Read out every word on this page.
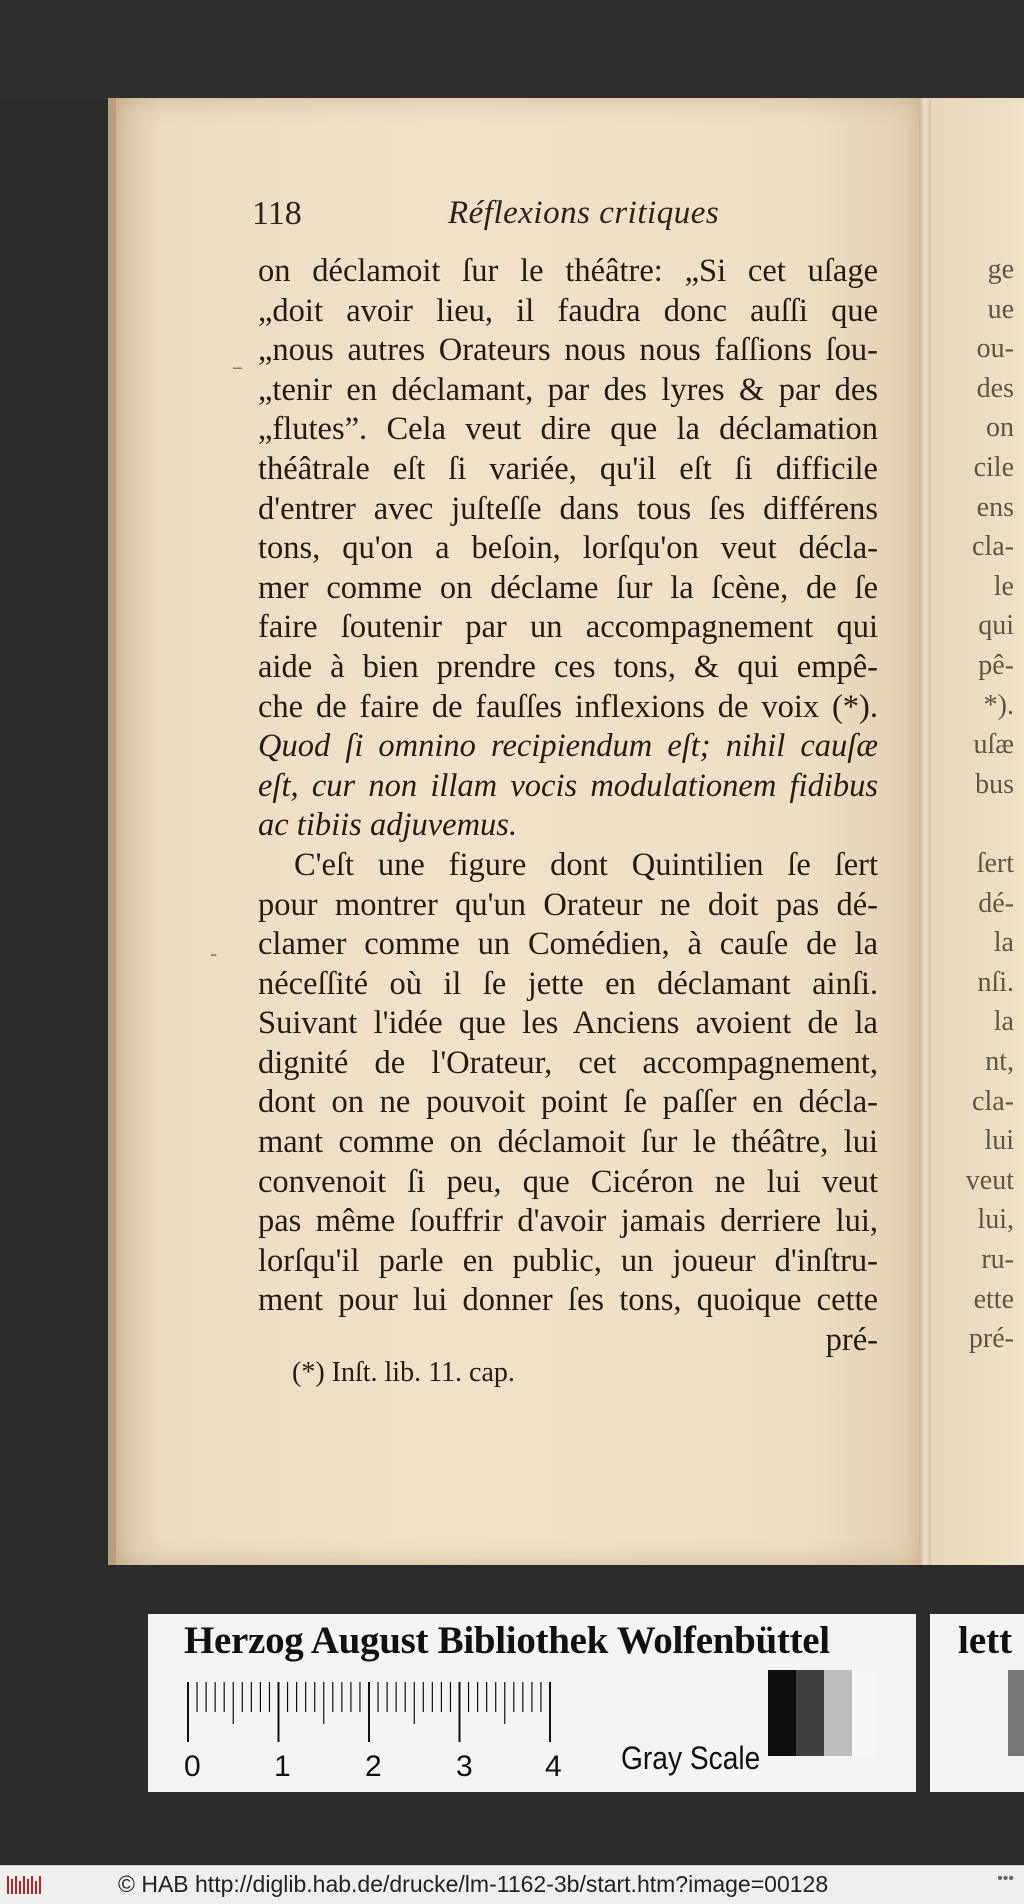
ge
ue
ou-
des
on
cile
ens
cla-
le
qui
pê-
*).
uſæ
bus
ſert
dé-
la
nſi.
la
nt,
cla-
lui
veut
lui,
ru-
ette
pré-
118	Réflexions critiques
on déclamoit ſur le théâtre: „Si cet uſage
„doit avoir lieu, il faudra donc auſſi que
„nous autres Orateurs nous nous faſſions ſou-
„tenir en déclamant, par des lyres & par des
„flutes”. Cela veut dire que la déclamation
théâtrale eſt ſi variée, qu'il eſt ſi difficile
d'entrer avec juſteſſe dans tous ſes différens
tons, qu'on a beſoin, lorſqu'on veut décla-
mer comme on déclame ſur la ſcène, de ſe
faire ſoutenir par un accompagnement qui
aide à bien prendre ces tons, & qui empê-
che de faire de fauſſes inflexions de voix (*).
Quod ſi omnino recipiendum eſt; nihil cauſæ
eſt, cur non illam vocis modulationem fidibus
ac tibiis adjuvemus.
C'eſt une figure dont Quintilien ſe ſert
pour montrer qu'un Orateur ne doit pas dé-
clamer comme un Comédien, à cauſe de la
néceſſité où il ſe jette en déclamant ainſi.
Suivant l'idée que les Anciens avoient de la
dignité de l'Orateur, cet accompagnement,
dont on ne pouvoit point ſe paſſer en décla-
mant comme on déclamoit ſur le théâtre, lui
convenoit ſi peu, que Cicéron ne lui veut
pas même ſouffrir d'avoir jamais derriere lui,
lorſqu'il parle en public, un joueur d'inſtru-
ment pour lui donner ſes tons, quoique cette
pré-
(*) Inſt. lib. 11. cap.
–
-
Herzog August Bibliothek Wolfenbüttel
0 1 2 3 4 Gray Scale
lett
© HAB http://diglib.hab.de/drucke/lm-1162-3b/start.htm?image=00128	•••
